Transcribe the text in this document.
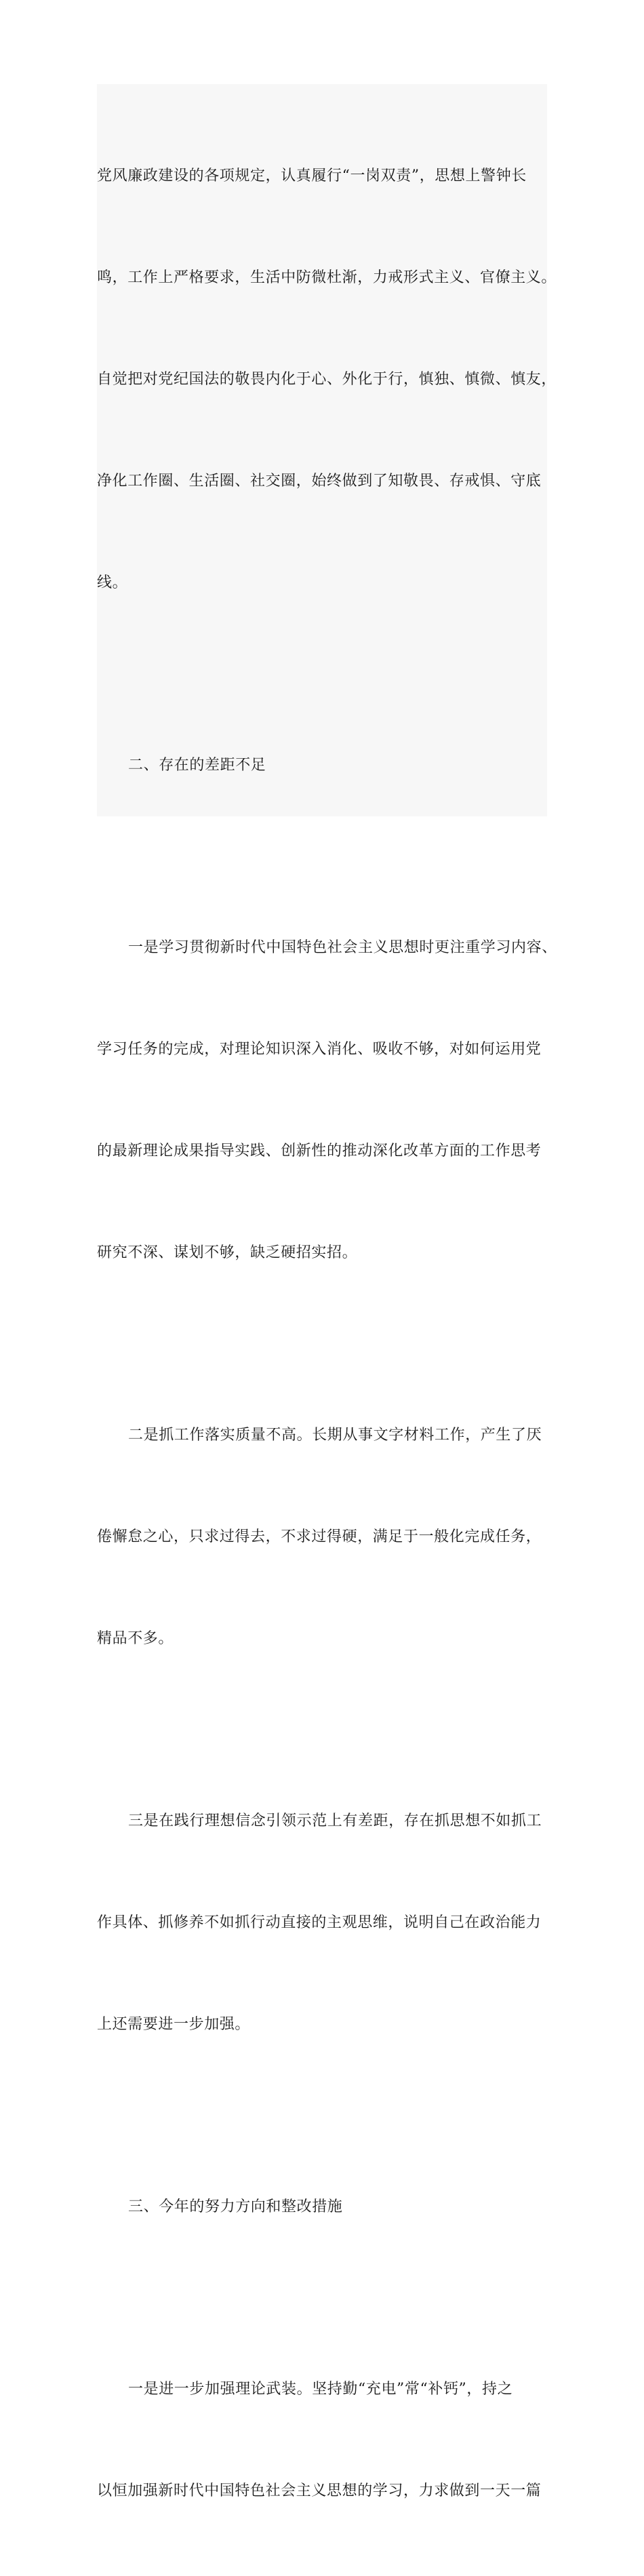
党风廉政建设的各项规定，认真履行“一岗双责”，思想上警钟长

鸣，工作上严格要求，生活中防微杜渐，力戒形式主义、官僚主义。

自觉把对党纪国法的敬畏内化于心、外化于行，慎独、慎微、慎友，

净化工作圈、生活圈、社交圈，始终做到了知敬畏、存戒惧、守底

线。

二、存在的差距不足

一是学习贯彻新时代中国特色社会主义思想时更注重学习内容、

学习任务的完成，对理论知识深入消化、吸收不够，对如何运用党

的最新理论成果指导实践、创新性的推动深化改革方面的工作思考

研究不深、谋划不够，缺乏硬招实招。

二是抓工作落实质量不高。长期从事文字材料工作，产生了厌

倦懈怠之心，只求过得去，不求过得硬，满足于一般化完成任务，

精品不多。

三是在践行理想信念引领示范上有差距，存在抓思想不如抓工

作具体、抓修养不如抓行动直接的主观思维，说明自己在政治能力

上还需要进一步加强。

三、今年的努力方向和整改措施

一是进一步加强理论武装。坚持勤“充电”常“补钙”，持之

以恒加强新时代中国特色社会主义思想的学习，力求做到一天一篇
